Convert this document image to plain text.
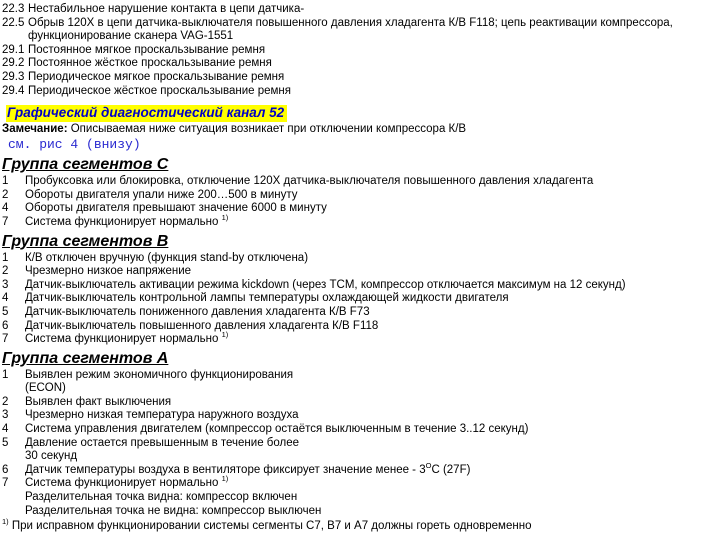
22.3 Нестабильное нарушение контакта в цепи датчика-
22.5 Обрыв 120X в цепи датчика-выключателя повышенного давления хладагента К/В F118; цепь реактивации компрессора,
функционирование сканера VAG-1551
29.1 Постоянное мягкое проскальзывание ремня
29.2 Постоянное жёсткое проскальзывание ремня
29.3 Периодическое мягкое проскальзывание ремня
29.4 Периодическое жёсткое проскальзывание ремня
Графический диагностический канал 52
Замечание: Описываемая ниже ситуация возникает при отключении компрессора К/В
см. рис 4 (внизу)
Группа сегментов C
1	Пробуксовка или блокировка, отключение 120X датчика-выключателя повышенного давления хладагента
2	Обороты двигателя упали ниже 200…500 в минуту
4	Обороты двигателя превышают значение 6000 в минуту
7	Система функционирует нормально $^{1)}$
Группа сегментов B
1	К/В отключен вручную (функция stand-by отключена)
2	Чрезмерно низкое напряжение
3	Датчик-выключатель активации режима kickdown (через TCM, компрессор отключается максимум на 12 секунд)
4	Датчик-выключатель контрольной лампы температуры охлаждающей жидкости двигателя
5	Датчик-выключатель пониженного давления хладагента К/В F73
6	Датчик-выключатель повышенного давления хладагента К/В F118
7	Система функционирует нормально $^{1)}$
Группа сегментов A
1	Выявлен режим экономичного функционирования
(ECON)
2	Выявлен факт выключения
3	Чрезмерно низкая температура наружного воздуха
4	Система управления двигателем (компрессор остаётся выключенным в течение 3..12 секунд)
5	Давление остается превышенным в течение более
30 секунд
6	Датчик температуры воздуха в вентиляторе фиксирует значение менее - $3^OC$ (27F)
7	Система функционирует нормально $^{1)}$
Разделительная точка видна: компрессор включен
Разделительная точка не видна: компрессор выключен
$^{1)}$ При исправном функционировании системы сегменты C7, B7 и A7 должны гореть одновременно
